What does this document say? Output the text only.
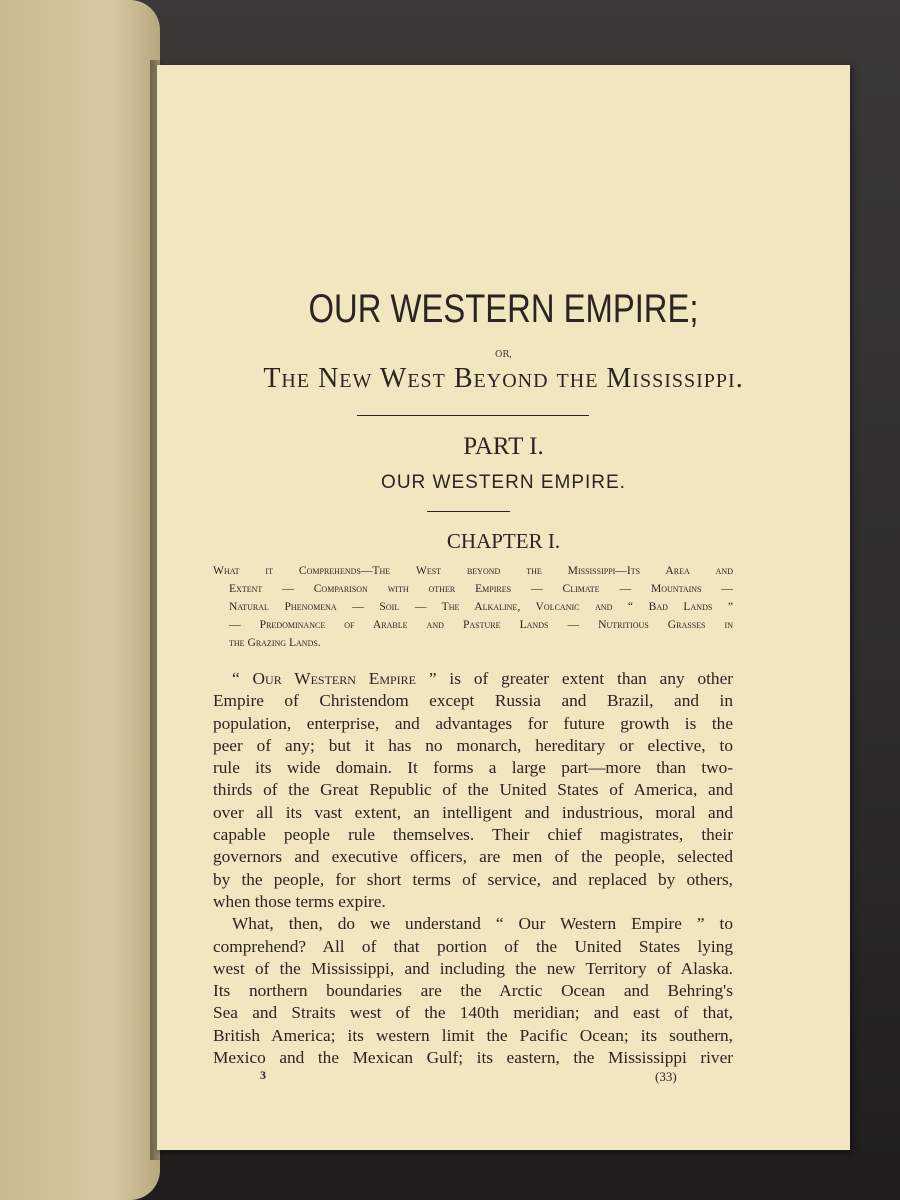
OUR WESTERN EMPIRE;
OR,
The New West Beyond the Mississippi.
PART I.
OUR WESTERN EMPIRE.
CHAPTER I.
What it Comprehends—The West beyond the Mississippi—Its Area and
Extent — Comparison with other Empires — Climate — Mountains —
Natural Phenomena — Soil — The Alkaline, Volcanic and “ Bad Lands ”
— Predominance of Arable and Pasture Lands — Nutritious Grasses in
the Grazing Lands.
“ Our Western Empire ” is of greater extent than any other
Empire of Christendom except Russia and Brazil, and in
population, enterprise, and advantages for future growth is the
peer of any; but it has no monarch, hereditary or elective, to
rule its wide domain. It forms a large part—more than two-
thirds of the Great Republic of the United States of America, and
over all its vast extent, an intelligent and industrious, moral and
capable people rule themselves. Their chief magistrates, their
governors and executive officers, are men of the people, selected
by the people, for short terms of service, and replaced by others,
when those terms expire.
What, then, do we understand “ Our Western Empire ” to
comprehend? All of that portion of the United States lying
west of the Mississippi, and including the new Territory of Alaska.
Its northern boundaries are the Arctic Ocean and Behring's
Sea and Straits west of the 140th meridian; and east of that,
British America; its western limit the Pacific Ocean; its southern,
Mexico and the Mexican Gulf; its eastern, the Mississippi river
3	(33)
